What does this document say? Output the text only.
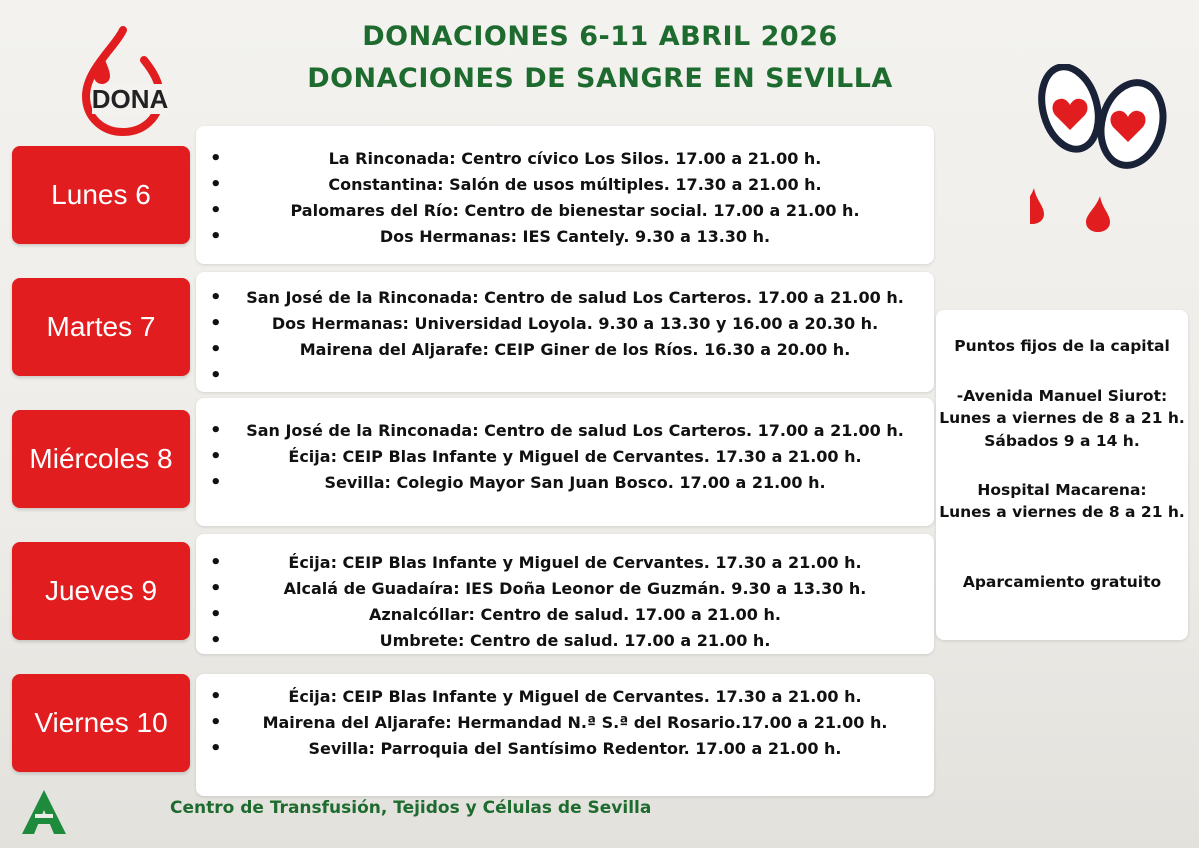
DONACIONES 6-11 ABRIL 2026
DONACIONES DE SANGRE EN SEVILLA
DONA
Lunes 6
• La Rinconada: Centro cívico Los Silos. 17.00 a 21.00 h.
• Constantina: Salón de usos múltiples. 17.30 a 21.00 h.
• Palomares del Río: Centro de bienestar social. 17.00 a 21.00 h.
• Dos Hermanas: IES Cantely. 9.30 a 13.30 h.
Martes 7
• San José de la Rinconada: Centro de salud Los Carteros. 17.00 a 21.00 h.
• Dos Hermanas: Universidad Loyola. 9.30 a 13.30 y 16.00 a 20.30 h.
• Mairena del Aljarafe: CEIP Giner de los Ríos. 16.30 a 20.00 h.
•
Miércoles 8
• San José de la Rinconada: Centro de salud Los Carteros. 17.00 a 21.00 h.
• Écija: CEIP Blas Infante y Miguel de Cervantes. 17.30 a 21.00 h.
• Sevilla: Colegio Mayor San Juan Bosco. 17.00 a 21.00 h.
Jueves 9
• Écija: CEIP Blas Infante y Miguel de Cervantes. 17.30 a 21.00 h.
• Alcalá de Guadaíra: IES Doña Leonor de Guzmán. 9.30 a 13.30 h.
• Aznalcóllar: Centro de salud. 17.00 a 21.00 h.
• Umbrete: Centro de salud. 17.00 a 21.00 h.
Viernes 10
• Écija: CEIP Blas Infante y Miguel de Cervantes. 17.30 a 21.00 h.
• Mairena del Aljarafe: Hermandad N.ª S.ª del Rosario.17.00 a 21.00 h.
• Sevilla: Parroquia del Santísimo Redentor. 17.00 a 21.00 h.
Puntos fijos de la capital
-Avenida Manuel Siurot:
Lunes a viernes de 8 a 21 h.
Sábados 9 a 14 h.
Hospital Macarena:
Lunes a viernes de 8 a 21 h.
Aparcamiento gratuito
Centro de Transfusión, Tejidos y Células de Sevilla
